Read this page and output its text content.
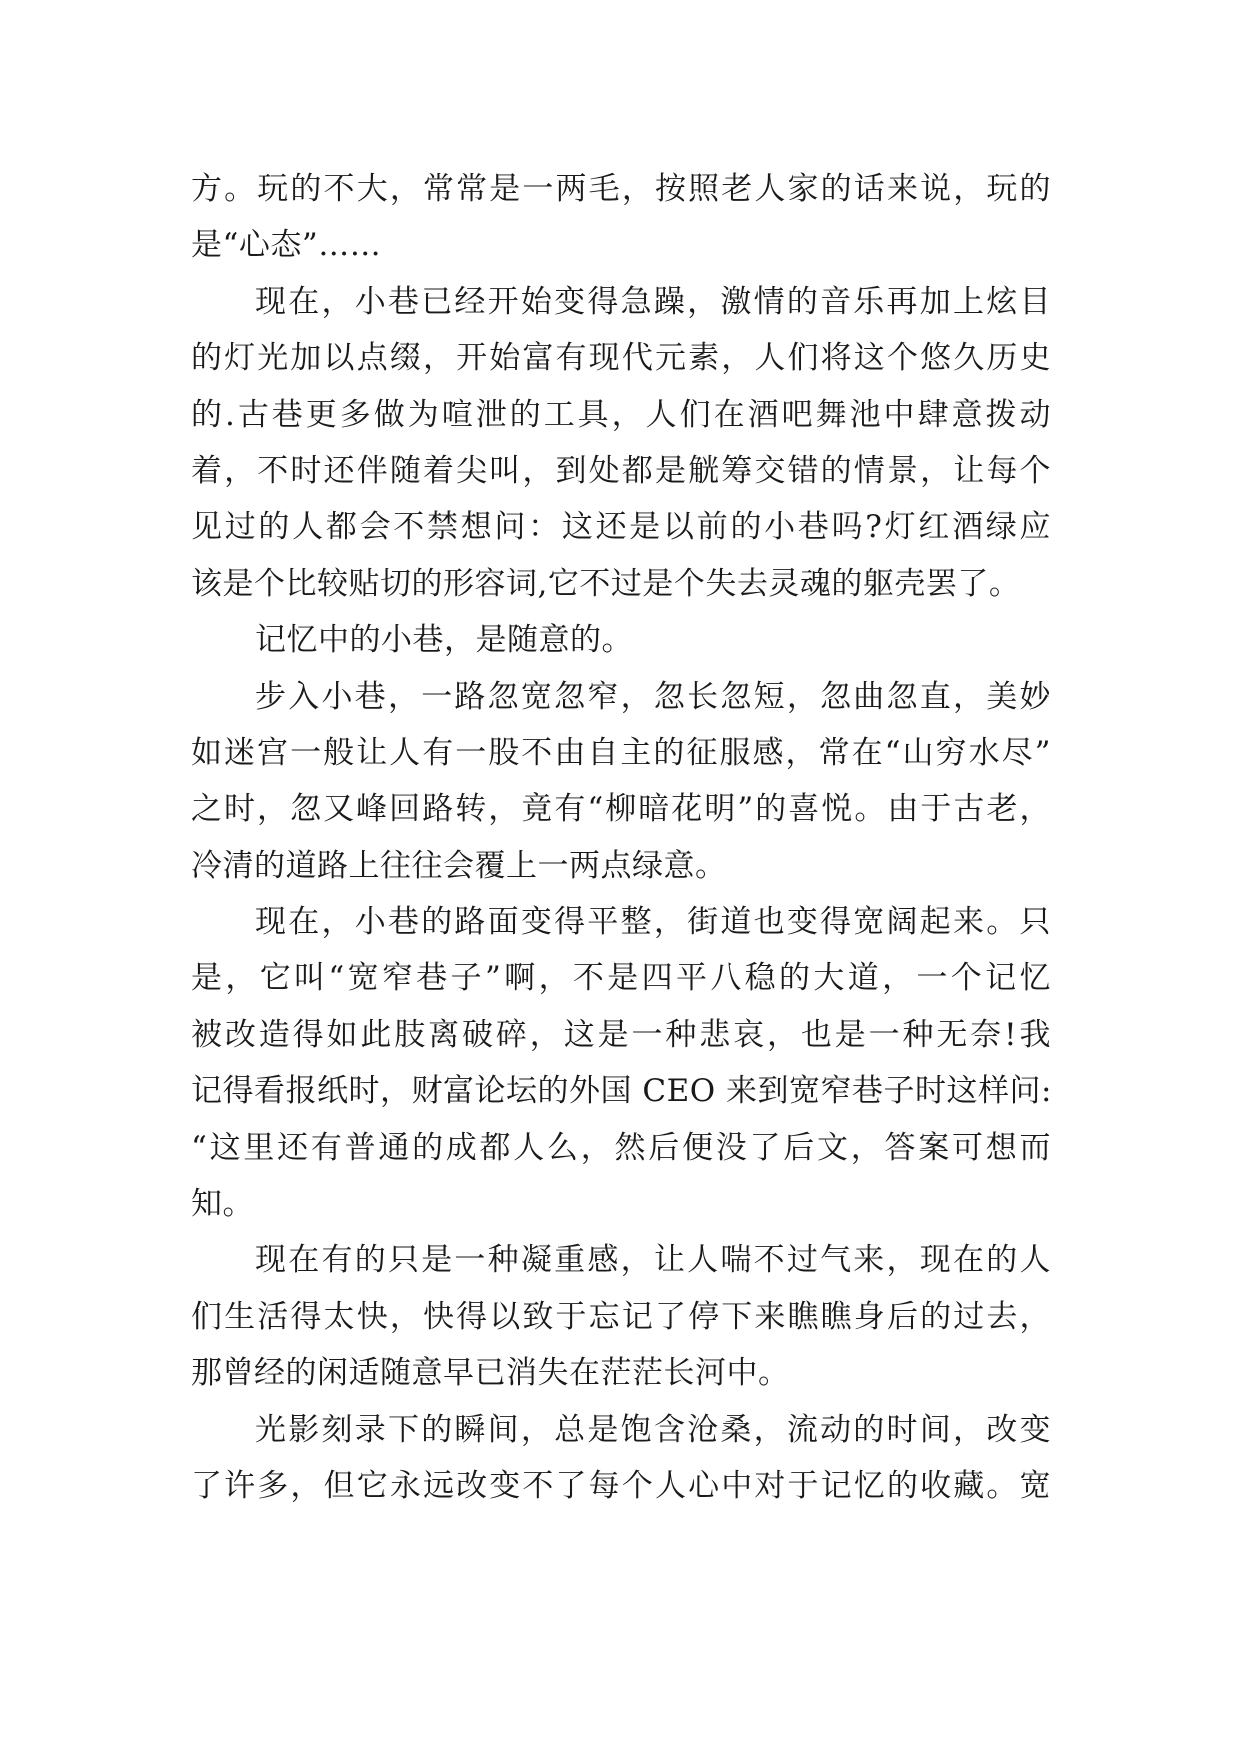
方。玩的不大，常常是一两毛，按照老人家的话来说，玩的
是“心态”……
现在，小巷已经开始变得急躁，激情的音乐再加上炫目
的灯光加以点缀，开始富有现代元素，人们将这个悠久历史
的.古巷更多做为喧泄的工具，人们在酒吧舞池中肆意拨动
着，不时还伴随着尖叫，到处都是觥筹交错的情景，让每个
见过的人都会不禁想问：这还是以前的小巷吗?灯红酒绿应
该是个比较贴切的形容词,它不过是个失去灵魂的躯壳罢了。
记忆中的小巷，是随意的。
步入小巷，一路忽宽忽窄，忽长忽短，忽曲忽直，美妙
如迷宫一般让人有一股不由自主的征服感，常在“山穷水尽”
之时，忽又峰回路转，竟有“柳暗花明”的喜悦。由于古老，
冷清的道路上往往会覆上一两点绿意。
现在，小巷的路面变得平整，街道也变得宽阔起来。只
是，它叫“宽窄巷子”啊，不是四平八稳的大道，一个记忆
被改造得如此肢离破碎，这是一种悲哀，也是一种无奈!我
记得看报纸时，财富论坛的外国 CEO 来到宽窄巷子时这样问:
“这里还有普通的成都人么，然后便没了后文，答案可想而
知。
现在有的只是一种凝重感，让人喘不过气来，现在的人
们生活得太快，快得以致于忘记了停下来瞧瞧身后的过去，
那曾经的闲适随意早已消失在茫茫长河中。
光影刻录下的瞬间，总是饱含沧桑，流动的时间，改变
了许多，但它永远改变不了每个人心中对于记忆的收藏。宽
